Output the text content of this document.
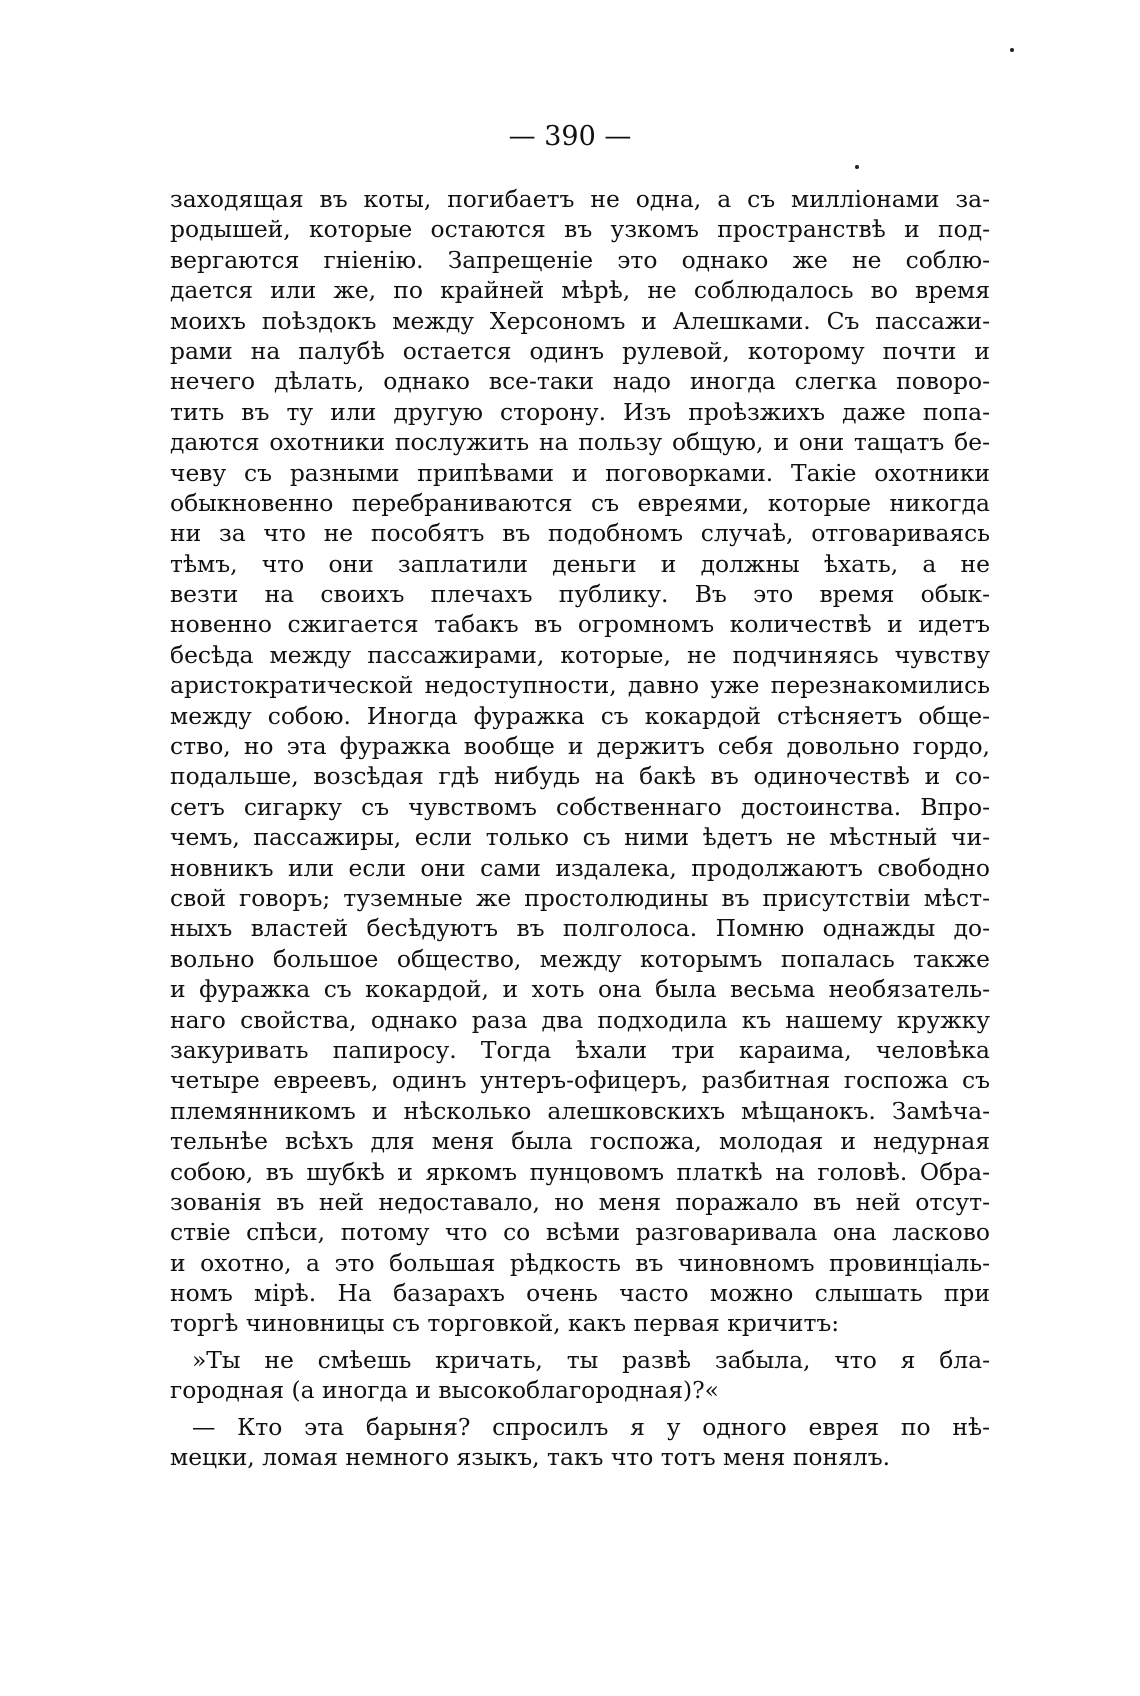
— 390 —
заходящая въ коты, погибаетъ не одна, а съ милліонами за-
родышей, которые остаются въ узкомъ пространствѣ и под-
вергаются гніенію. Запрещеніе это однако же не соблю-
дается или же, по крайней мѣрѣ, не соблюдалось во время
моихъ поѣздокъ между Херсономъ и Алешками. Съ пассажи-
рами на палубѣ остается одинъ рулевой, которому почти и
нечего дѣлать, однако все-таки надо иногда слегка поворо-
тить въ ту или другую сторону. Изъ проѣзжихъ даже попа-
даются охотники послужить на пользу общую, и они тащатъ бе-
чеву съ разными припѣвами и поговорками. Такіе охотники
обыкновенно перебраниваются съ евреями, которые никогда
ни за что не пособятъ въ подобномъ случаѣ, отговариваясь
тѣмъ, что они заплатили деньги и должны ѣхать, а не
везти на своихъ плечахъ публику. Въ это время обык-
новенно сжигается табакъ въ огромномъ количествѣ и идетъ
бесѣда между пассажирами, которые, не подчиняясь чувству
аристократической недоступности, давно уже перезнакомились
между собою. Иногда фуражка съ кокардой стѣсняетъ обще-
ство, но эта фуражка вообще и держитъ себя довольно гордо,
подальше, возсѣдая гдѣ нибудь на бакѣ въ одиночествѣ и со-
сетъ сигарку съ чувствомъ собственнаго достоинства. Впро-
чемъ, пассажиры, если только съ ними ѣдетъ не мѣстный чи-
новникъ или если они сами издалека, продолжаютъ свободно
свой говоръ; туземные же простолюдины въ присутствіи мѣст-
ныхъ властей бесѣдуютъ въ полголоса. Помню однажды до-
вольно большое общество, между которымъ попалась также
и фуражка съ кокардой, и хоть она была весьма необязатель-
наго свойства, однако раза два подходила къ нашему кружку
закуривать папиросу. Тогда ѣхали три караима, человѣка
четыре евреевъ, одинъ унтеръ-офицеръ, разбитная госпожа съ
племянникомъ и нѣсколько алешковскихъ мѣщанокъ. Замѣча-
тельнѣе всѣхъ для меня была госпожа, молодая и недурная
собою, въ шубкѣ и яркомъ пунцовомъ платкѣ на головѣ. Обра-
зованія въ ней недоставало, но меня поражало въ ней отсут-
ствіе спѣси, потому что со всѣми разговаривала она ласково
и охотно, а это большая рѣдкость въ чиновномъ провинціаль-
номъ мірѣ. На базарахъ очень часто можно слышать при
торгѣ чиновницы съ торговкой, какъ первая кричитъ:
»Ты не смѣешь кричать, ты развѣ забыла, что я бла-
городная (а иногда и высокоблагородная)?«
— Кто эта барыня? спросилъ я у одного еврея по нѣ-
мецки, ломая немного языкъ, такъ что тотъ меня понялъ.
